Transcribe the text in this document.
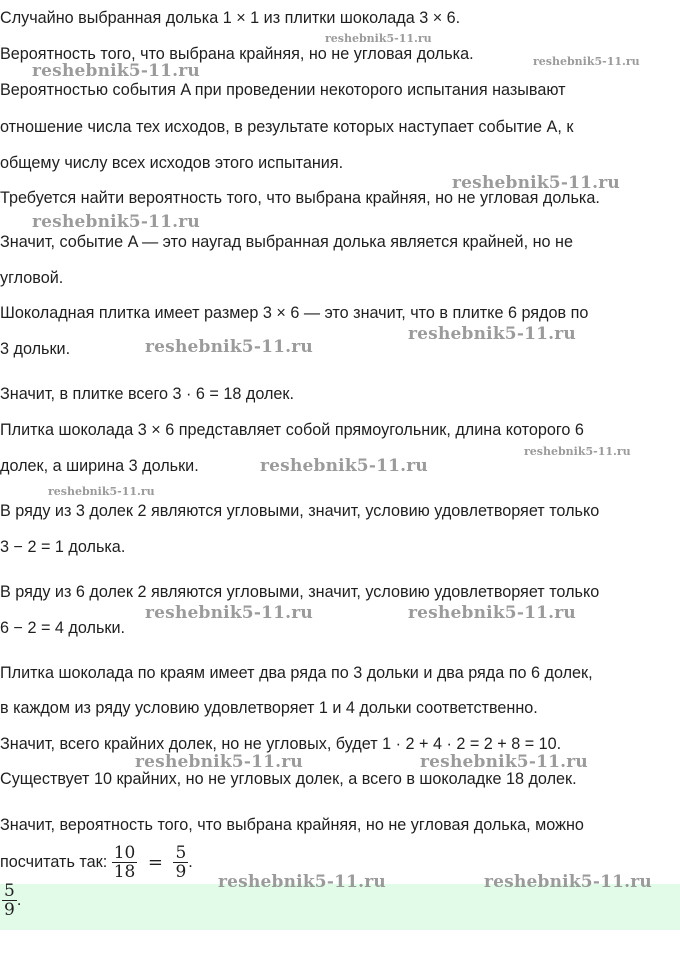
Случайно выбранная долька 1 × 1 из плитки шоколада 3 × 6.
Вероятность того, что выбрана крайняя, но не угловая долька.
Вероятностью события A при проведении некоторого испытания называют
отношение числа тех исходов, в результате которых наступает событие A, к
общему числу всех исходов этого испытания.
Требуется найти вероятность того, что выбрана крайняя, но не угловая долька.
Значит, событие A — это наугад выбранная долька является крайней, но не
угловой.
Шоколадная плитка имеет размер 3 × 6 — это значит, что в плитке 6 рядов по
3 дольки.
Значит, в плитке всего 3 · 6 = 18 долек.
Плитка шоколада 3 × 6 представляет собой прямоугольник, длина которого 6
долек, а ширина 3 дольки.
В ряду из 3 долек 2 являются угловыми, значит, условию удовлетворяет только
3 − 2 = 1 долька.
В ряду из 6 долек 2 являются угловыми, значит, условию удовлетворяет только
6 − 2 = 4 дольки.
Плитка шоколада по краям имеет два ряда по 3 дольки и два ряда по 6 долек,
в каждом из ряду условию удовлетворяет 1 и 4 дольки соответственно.
Значит, всего крайних долек, но не угловых, будет 1 · 2 + 4 · 2 = 2 + 8 = 10.
Существует 10 крайних, но не угловых долек, а всего в шоколадке 18 долек.
Значит, вероятность того, что выбрана крайняя, но не угловая долька, можно
посчитать так: $\frac{10}{18} = \frac{5}{9}$ .
$\frac{5}{9}$ .
reshebnik5-11.ru
reshebnik5-11.ru
reshebnik5-11.ru
reshebnik5-11.ru
reshebnik5-11.ru
reshebnik5-11.ru
reshebnik5-11.ru
reshebnik5-11.ru
reshebnik5-11.ru
reshebnik5-11.ru
reshebnik5-11.ru	reshebnik5-11.ru
reshebnik5-11.ru	reshebnik5-11.ru
reshebnik5-11.ru	reshebnik5-11.ru
